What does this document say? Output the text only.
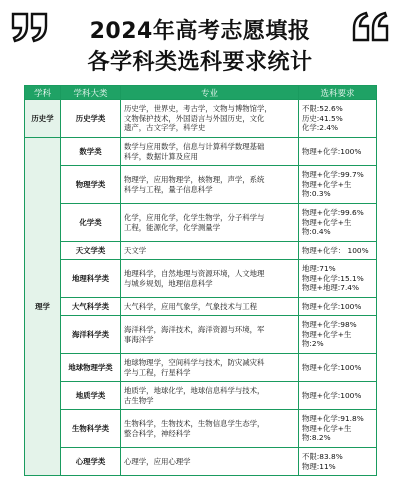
2024年高考志愿填报
各学科类选科要求统计
学科	学科大类	专业	选科要求
历史学	历史学类	历史学，世界史，考古学，文物与博物馆学，
文物保护技术，外国语言与外国历史，文化
遗产，古文字学，科学史	不限:52.6%
历史:41.5%
化学:2.4%

理学	数学类	数学与应用数学，信息与计算科学数理基础
科学，数据计算及应用	物理+化学:100%

	物理学类	物理学，应用物理学，核物理，声学，系统
科学与工程，量子信息科学	物理+化学:99.7%
物理+化学+生
物:0.3%

	化学类	化学，应用化学，化学生物学，分子科学与
工程，能源化学，化学测量学	物理+化学:99.6%
物理+化学+生
物:0.4%

	天文学类	天文学	物理+化学： 100%

	地理科学类	地理科学，自然地理与资源环境，人文地理
与城乡规划，地理信息科学	地理:71%
物理+化学:15.1%
物理+地理:7.4%

	大气科学类	大气科学，应用气象学，气象技术与工程	物理+化学:100%

	海洋科学类	海洋科学，海洋技术，海洋资源与环境，军
事海洋学	物理+化学:98%
物理+化学+生
物:2%

	地球物理学类	地球物理学，空间科学与技术，防灾减灾科
学与工程，行星科学	物理+化学:100%

	地质学类	地质学，地球化学，地球信息科学与技术，
古生物学	物理+化学:100%

	生物科学类	生物科学，生物技术，生物信息学生态学，
整合科学，神经科学	物理+化学:91.8%
物理+化学+生
物:8.2%

	心理学类	心理学，应用心理学	不限:83.8%
物理:11%
